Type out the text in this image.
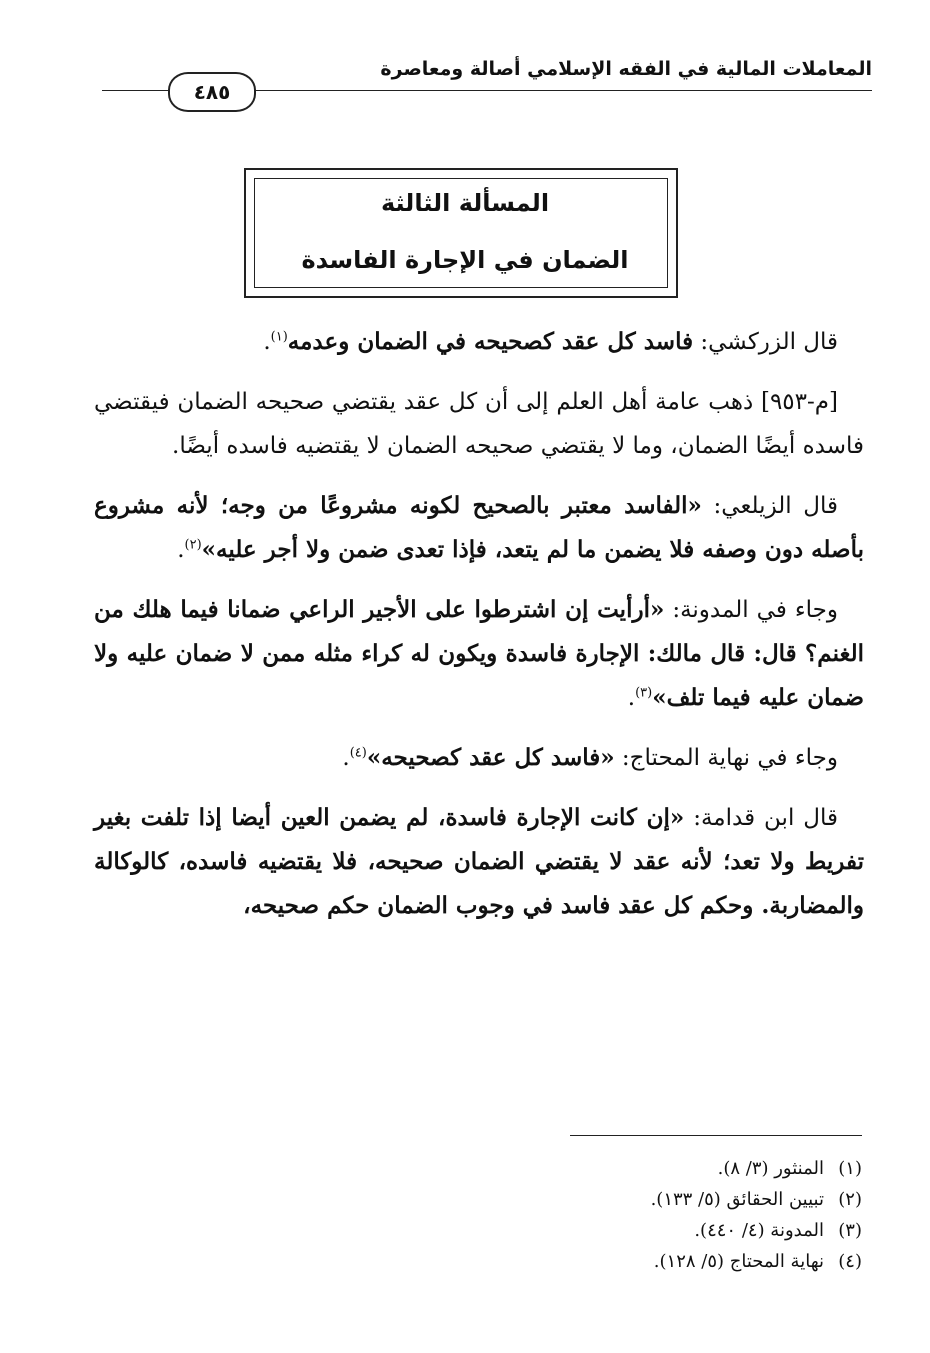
المعاملات المالية في الفقه الإسلامي أصالة ومعاصرة
٤٨٥
المسألة الثالثة
الضمان في الإجارة الفاسدة

قال الزركشي: فاسد كل عقد كصحيحه في الضمان وعدمه$^{(١)}$.

[م-٩٥٣] ذهب عامة أهل العلم إلى أن كل عقد يقتضي صحيحه الضمان فيقتضي فاسده أيضًا الضمان، وما لا يقتضي صحيحه الضمان لا يقتضيه فاسده أيضًا.

قال الزيلعي: «الفاسد معتبر بالصحيح لكونه مشروعًا من وجه؛ لأنه مشروع بأصله دون وصفه فلا يضمن ما لم يتعد، فإذا تعدى ضمن ولا أجر عليه»$^{(٢)}$.

وجاء في المدونة: «أرأيت إن اشترطوا على الأجير الراعي ضمانا فيما هلك من الغنم؟ قال: قال مالك: الإجارة فاسدة ويكون له كراء مثله ممن لا ضمان عليه ولا ضمان عليه فيما تلف»$^{(٣)}$.

وجاء في نهاية المحتاج: «فاسد كل عقد كصحيحه»$^{(٤)}$.

قال ابن قدامة: «إن كانت الإجارة فاسدة، لم يضمن العين أيضا إذا تلفت بغير تفريط ولا تعد؛ لأنه عقد لا يقتضي الضمان صحيحه، فلا يقتضيه فاسده، كالوكالة والمضاربة. وحكم كل عقد فاسد في وجوب الضمان حكم صحيحه،

(١)المنثور (٣/ ٨).

(٢)تبيين الحقائق (٥/ ١٣٣).

(٣)المدونة (٤/ ٤٤٠).

(٤)نهاية المحتاج (٥/ ١٢٨).
